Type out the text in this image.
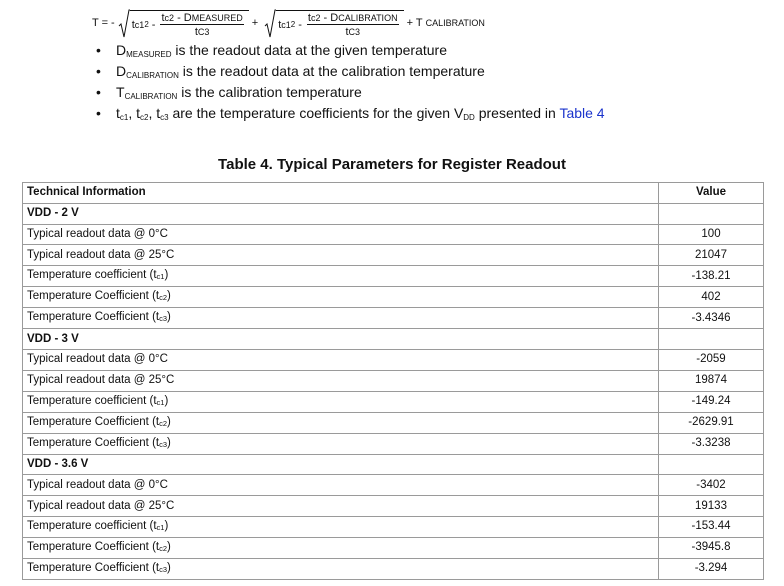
T = - t c1 $2 - \frac{\text{tc2 - DMEASURED}}{tC3} + t$ c1 $2 - \frac{\text{tc2 - DCALIBRATION}}{tC3} + T$ CALIBRATION
• $D_{MEASURED}$ is the readout data at the given temperature
• $D_{CALIBRATION}$ is the readout data at the calibration temperature
• $T_{CALIBRATION}$ is the calibration temperature
• $t_{c1}$, $t_{c2}$, $t_{c3}$ are the temperature coefficients for the given $V_{DD}$ presented in Table 4
Table 4. Typical Parameters for Register Readout
Technical Information	Value
VDD - 2 V	
Typical readout data @ 0°C	100
Typical readout data @ 25°C	21047
Temperature coefficient (tc1)	-138.21
Temperature Coefficient (tc2)	402
Temperature Coefficient (tc3)	-3.4346
VDD - 3 V	
Typical readout data @ 0°C	-2059
Typical readout data @ 25°C	19874
Temperature coefficient (tc1)	-149.24
Temperature Coefficient (tc2)	-2629.91
Temperature Coefficient (tc3)	-3.3238
VDD - 3.6 V	
Typical readout data @ 0°C	-3402
Typical readout data @ 25°C	19133
Temperature coefficient (tc1)	-153.44
Temperature Coefficient (tc2)	-3945.8
Temperature Coefficient (tc3)	-3.294
